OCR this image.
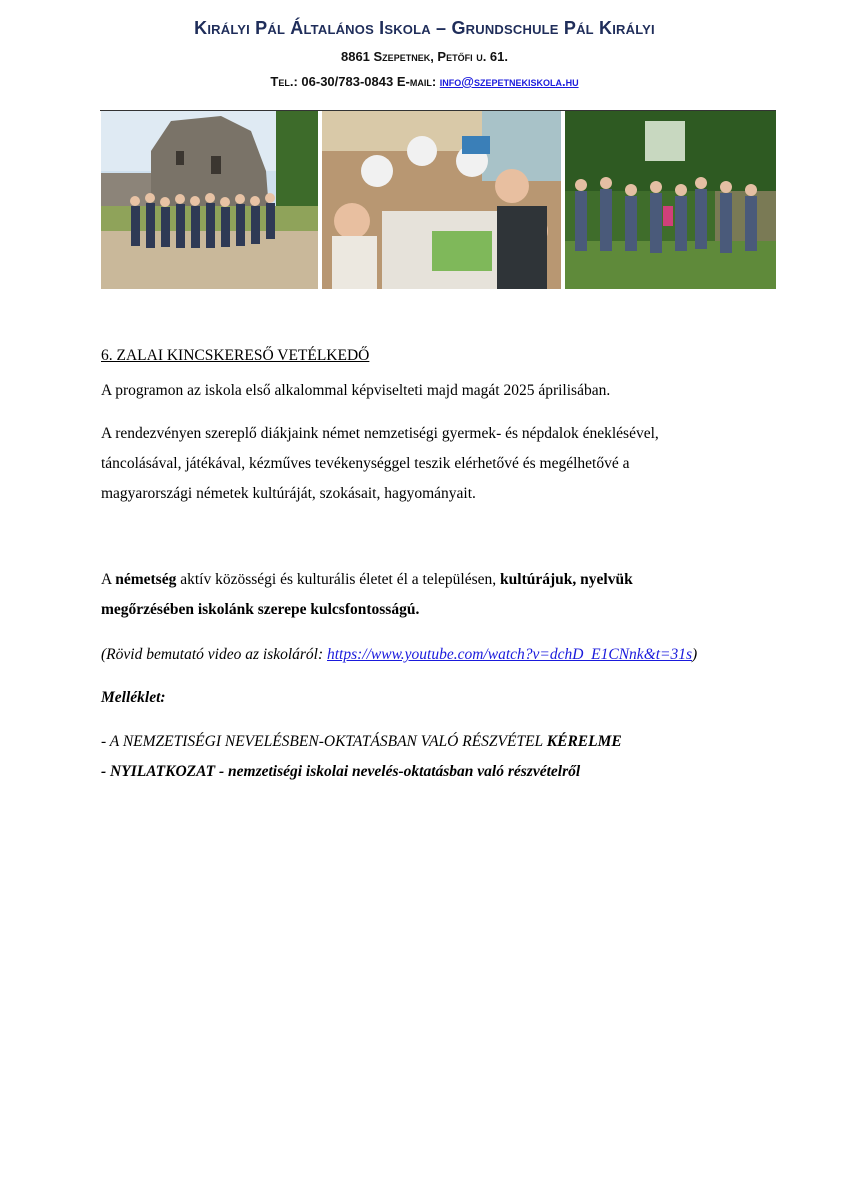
Királyi Pál Általános Iskola – Grundschule Pál Királyi
8861 Szepetnek, Petőfi u. 61.
Tel.: 06-30/783-0843 E-mail: info@szepetnekiskola.hu
6. ZALAI KINCSKERESŐ VETÉLKEDŐ
A programon az iskola első alkalommal képviselteti majd magát 2025 áprilisában.
A rendezvényen szereplő diákjaink német nemzetiségi gyermek- és népdalok éneklésével,
táncolásával, játékával, kézműves tevékenységgel teszik elérhetővé és megélhetővé a
magyarországi németek kultúráját, szokásait, hagyományait.
A németség aktív közösségi és kulturális életet él a településen, kultúrájuk, nyelvük
megőrzésében iskolánk szerepe kulcsfontosságú.
(Rövid bemutató video az iskoláról: https://www.youtube.com/watch?v=dchD_E1CNnk&t=31s)
Melléklet:
- A NEMZETISÉGI NEVELÉSBEN-OKTATÁSBAN VALÓ RÉSZVÉTEL KÉRELME
- NYILATKOZAT - nemzetiségi iskolai nevelés-oktatásban való részvételről
